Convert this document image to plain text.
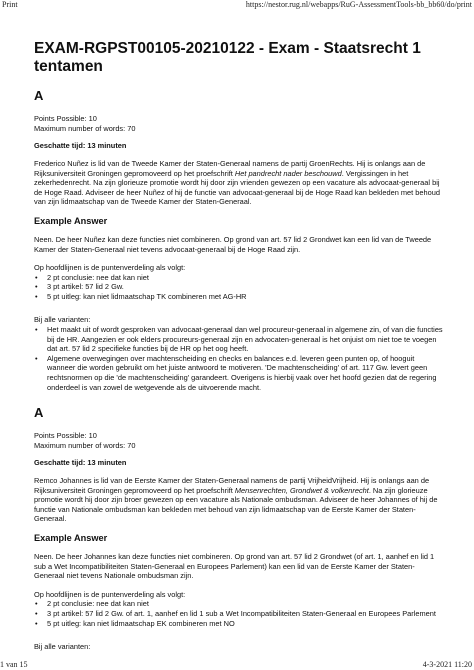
Print	https://nestor.rug.nl/webapps/RuG-AssessmentTools-bb_bb60/do/print
EXAM-RGPST00105-20210122 - Exam - Staatsrecht 1 tentamen
A
Points Possible: 10
Maximum number of words: 70
Geschatte tijd: 13 minuten

Frederico Nuñez is lid van de Tweede Kamer der Staten-Generaal namens de partij GroenRechts. Hij is onlangs aan de Rijksuniversiteit Groningen gepromoveerd op het proefschrift Het pandrecht nader beschouwd. Vergissingen in het zekerhedenrecht. Na zijn glorieuze promotie wordt hij door zijn vrienden gewezen op een vacature als advocaat-generaal bij de Hoge Raad. Adviseer de heer Nuñez of hij de functie van advocaat-generaal bij de Hoge Raad kan bekleden met behoud van zijn lidmaatschap van de Tweede Kamer der Staten-Generaal.

Example Answer

Neen. De heer Nuñez kan deze functies niet combineren. Op grond van art. 57 lid 2 Grondwet kan een lid van de Tweede Kamer der Staten-Generaal niet tevens advocaat-generaal bij de Hoge Raad zijn.

Op hoofdlijnen is de puntenverdeling als volgt:
• 2 pt conclusie: nee dat kan niet
• 3 pt artikel: 57 lid 2 Gw.
• 5 pt uitleg: kan niet lidmaatschap TK combineren met AG-HR
Bij alle varianten:
• Het maakt uit of wordt gesproken van advocaat-generaal dan wel procureur-generaal in algemene zin, of van die functies bij de HR. Aangezien er ook elders procureurs-generaal zijn en advocaten-generaal is het onjuist om niet toe te voegen dat art. 57 lid 2 specifieke functies bij de HR op het oog heeft.
• Algemene overwegingen over machtenscheiding en checks en balances e.d. leveren geen punten op, of hooguit wanneer die worden gebruikt om het juiste antwoord te motiveren. 'De machtenscheiding' of art. 117 Gw. levert geen rechtsnormen op die 'de machtenscheiding' garandeert. Overigens is hierbij vaak over het hoofd gezien dat de regering onderdeel is van zowel de wetgevende als de uitvoerende macht.
A
Points Possible: 10
Maximum number of words: 70
Geschatte tijd: 13 minuten

Remco Johannes is lid van de Eerste Kamer der Staten-Generaal namens de partij VrijheidVrijheid. Hij is onlangs aan de Rijksuniversiteit Groningen gepromoveerd op het proefschrift Mensenrechten, Grondwet & volkenrecht. Na zijn glorieuze promotie wordt hij door zijn broer gewezen op een vacature als Nationale ombudsman. Adviseer de heer Johannes of hij de functie van Nationale ombudsman kan bekleden met behoud van zijn lidmaatschap van de Eerste Kamer der Staten-Generaal.

Example Answer

Neen. De heer Johannes kan deze functies niet combineren. Op grond van art. 57 lid 2 Grondwet (of art. 1, aanhef en lid 1 sub a Wet Incompatibiliteiten Staten-Generaal en Europees Parlement) kan een lid van de Eerste Kamer der Staten-Generaal niet tevens Nationale ombudsman zijn.

Op hoofdlijnen is de puntenverdeling als volgt:
• 2 pt conclusie: nee dat kan niet
• 3 pt artikel: 57 lid 2 Gw. of art. 1, aanhef en lid 1 sub a Wet Incompatibiliteiten Staten-Generaal en Europees Parlement
• 5 pt uitleg: kan niet lidmaatschap EK combineren met NO
Bij alle varianten:
1 van 15	4-3-2021 11:20
